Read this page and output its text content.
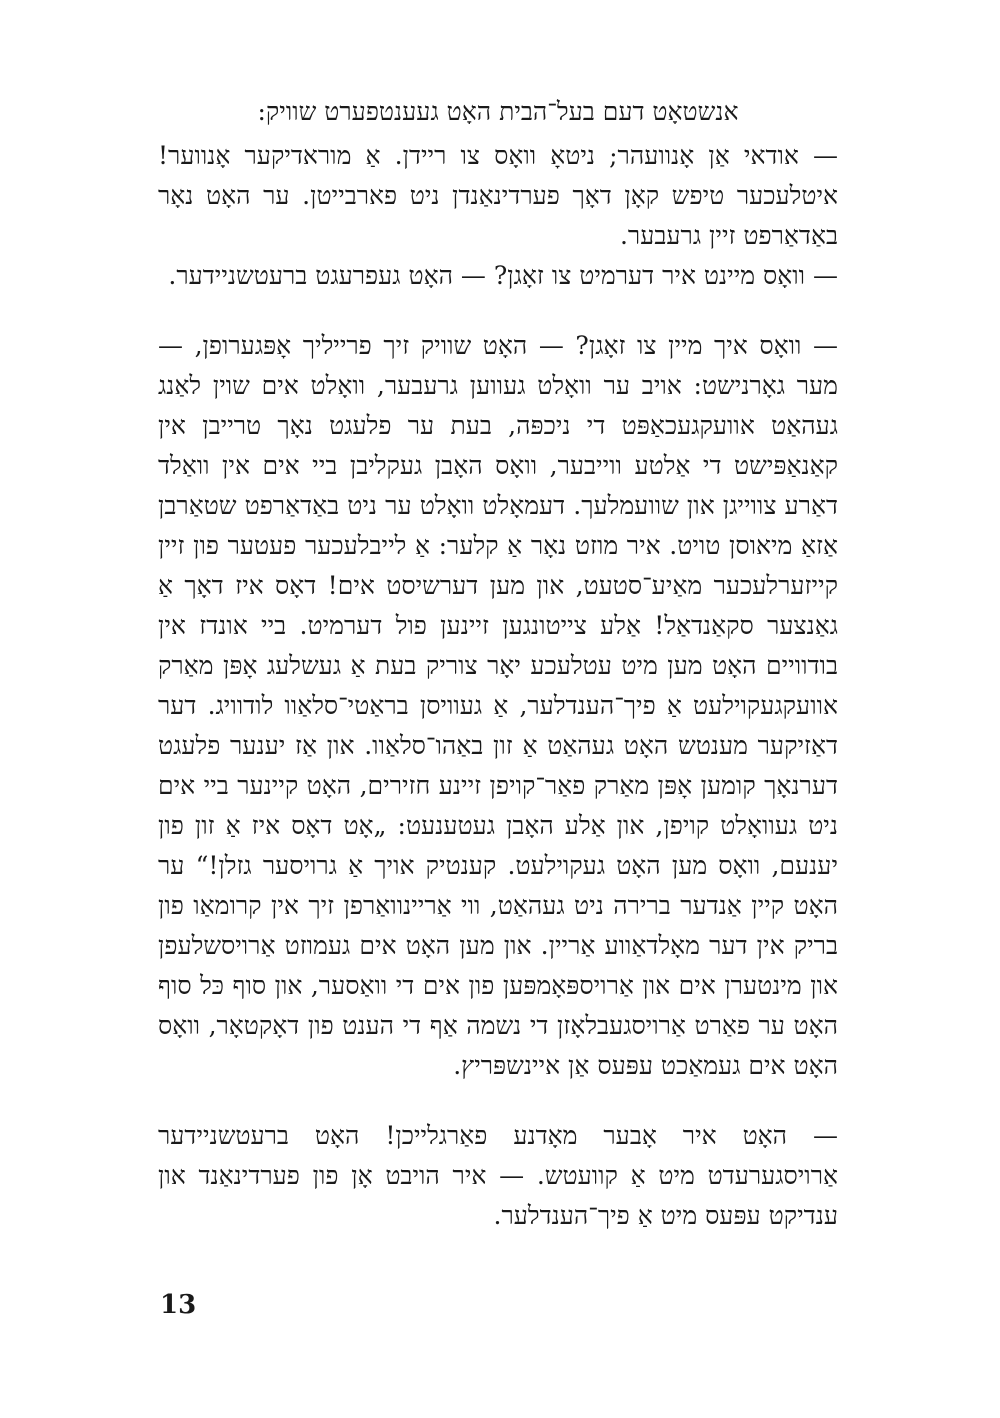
אנשטאָט דעם בעל־הבית האָט געענטפערט שוויק:

— אודאי אַן אָנוועהר; ניטאָ וואָס צו ריידן. אַ מוראדיקער אָנווער! איטלעכער טיפש קאָן דאָך פערדינאַנדן ניט פארבייטן. ער האָט נאָר באַדאַרפט זיין גרעבער.

— וואָס מיינט איר דערמיט צו זאָגן? — האָט געפרעגט ברעטשניידער.

— וואָס איך מיין צו זאָגן? — האָט שוויק זיך פרייליך אָפּגערופן, — מער גאָרנישט: אויב ער וואָלט געווען גרעבער, וואָלט אים שוין לאַנג געהאַט אוועקגעכאַפּט די ניכפּה, בעת ער פלעגט נאָך טרייבן אין קאַנאַפּישט די אַלטע ווייבער, וואָס האָבן געקליבן ביי אים אין וואַלד דאַרע צווייגן און שוועמלעך. דעמאָלט וואָלט ער ניט באַדאַרפט שטאַרבן אַזאַ מיאוסן טויט. איר מוזט נאָר אַ קלער: אַ לייבלעכער פעטער פון זיין קייזערלעכער מאַיע־סטעט, און מען דערשיסט אים! דאָס איז דאָך אַ גאַנצער סקאַנדאַל! אַלע צייטונגען זיינען פול דערמיט. ביי אונדז אין בודוויים האָט מען מיט עטלעכע יאָר צוריק בעת אַ געשלעג אָפּן מאַרק אוועקגעקוילעט אַ פיך־הענדלער, אַ געוויסן בראַטי־סלאַוו לודוויג. דער דאַזיקער מענטש האָט געהאַט אַ זון באַהו־סלאַוו. און אַז יענער פלעגט דערנאָך קומען אָפּן מאַרק פאַר־קויפן זיינע חזירים, האָט קיינער ביי אים ניט געוואָלט קויפן, און אַלע האָבן געטענעט: „אָט דאָס איז אַ זון פון יענעם, וואָס מען האָט געקוילעט. קענטיק אויך אַ גרויסער גזלן!“ ער האָט קיין אַנדער ברירה ניט געהאַט, ווי אַריינוואַרפן זיך אין קרומאַו פון בריק אין דער מאָלדאַווע אַריין. און מען האָט אים געמוזט אַרויסשלעפן און מינטערן אים און אַרויספּאָמפּען פון אים די וואַסער, און סוף כּל סוף האָט ער פאַרט אַרויסגעבלאָזן די נשמה אַף די הענט פון דאָקטאָר, וואָס האָט אים געמאַכט עפּעס אַן איינשפּריץ.

— האָט איר אָבער מאָדנע פאַרגלייכן! האָט ברעטשניידער אַרויסגערעדט מיט אַ קוועטש. — איר הויבט אָן פון פערדינאַנד און ענדיקט עפּעס מיט אַ פיך־הענדלער.

13
